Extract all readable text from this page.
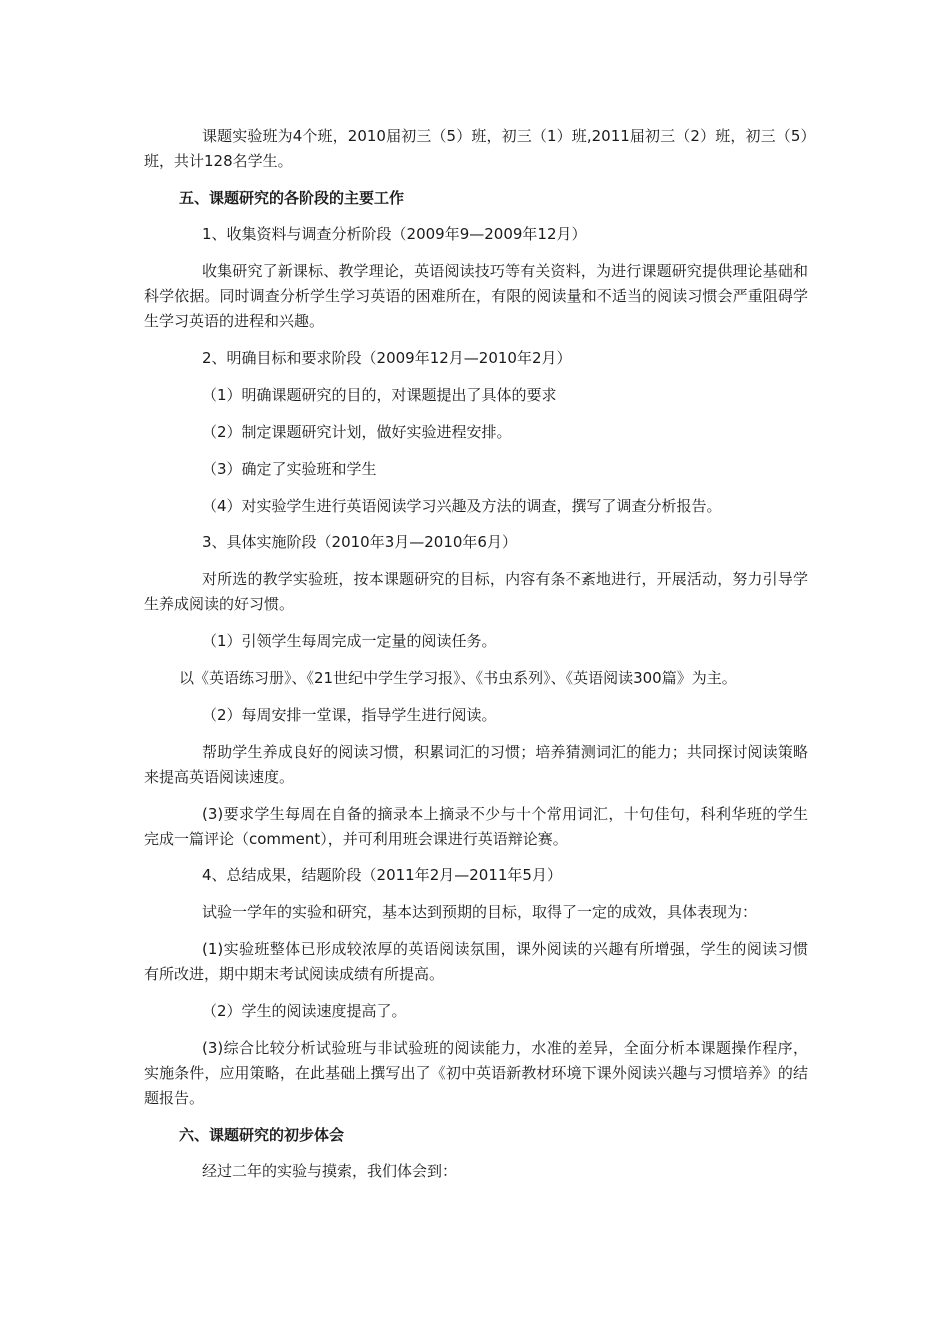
课题实验班为4个班，2010届初三（5）班，初三（1）班,2011届初三（2）班，初三（5）班，共计128名学生。

五、课题研究的各阶段的主要工作

1、收集资料与调查分析阶段（2009年9—2009年12月）

收集研究了新课标、教学理论，英语阅读技巧等有关资料，为进行课题研究提供理论基础和科学依据。同时调查分析学生学习英语的困难所在，有限的阅读量和不适当的阅读习惯会严重阻碍学生学习英语的进程和兴趣。

2、明确目标和要求阶段（2009年12月—2010年2月）

（1）明确课题研究的目的，对课题提出了具体的要求

（2）制定课题研究计划，做好实验进程安排。

（3）确定了实验班和学生

（4）对实验学生进行英语阅读学习兴趣及方法的调查，撰写了调查分析报告。

3、具体实施阶段（2010年3月—2010年6月）

对所选的教学实验班，按本课题研究的目标，内容有条不紊地进行，开展活动，努力引导学生养成阅读的好习惯。

（1）引领学生每周完成一定量的阅读任务。

以《英语练习册》、《21世纪中学生学习报》、《书虫系列》、《英语阅读300篇》为主。

（2）每周安排一堂课，指导学生进行阅读。

帮助学生养成良好的阅读习惯，积累词汇的习惯；培养猜测词汇的能力；共同探讨阅读策略来提高英语阅读速度。

(3)要求学生每周在自备的摘录本上摘录不少与十个常用词汇，十句佳句，科利华班的学生完成一篇评论（comment），并可利用班会课进行英语辩论赛。

4、总结成果，结题阶段（2011年2月—2011年5月）

试验一学年的实验和研究，基本达到预期的目标，取得了一定的成效，具体表现为：

(1)实验班整体已形成较浓厚的英语阅读氛围，课外阅读的兴趣有所增强，学生的阅读习惯有所改进，期中期末考试阅读成绩有所提高。

（2）学生的阅读速度提高了。

(3)综合比较分析试验班与非试验班的阅读能力，水准的差异，全面分析本课题操作程序，实施条件，应用策略，在此基础上撰写出了《初中英语新教材环境下课外阅读兴趣与习惯培养》的结题报告。

六、课题研究的初步体会

经过二年的实验与摸索，我们体会到：
